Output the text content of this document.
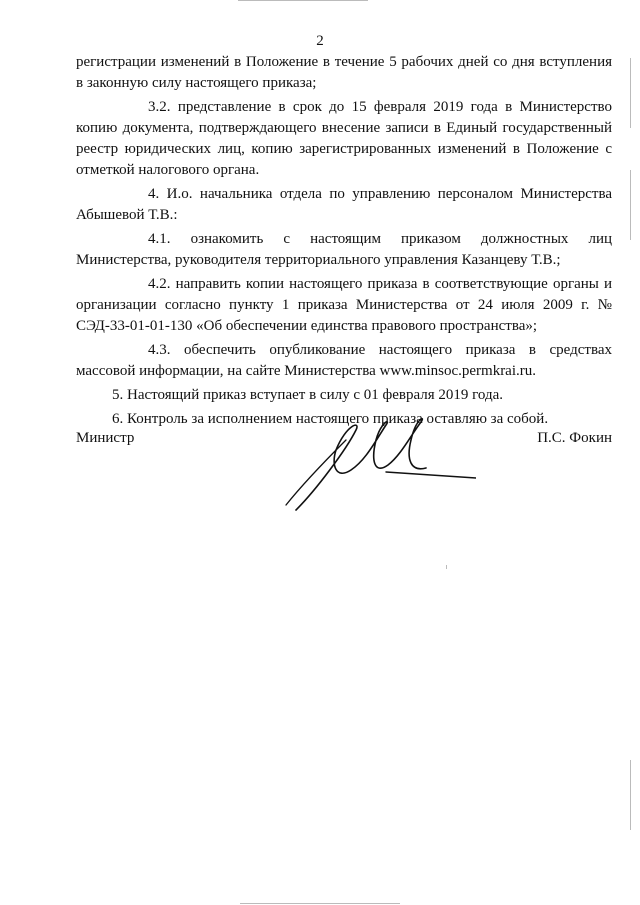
2

регистрации изменений в Положение в течение 5 рабочих дней со дня вступления в законную силу настоящего приказа;

3.2. представление в срок до 15 февраля 2019 года в Министерство копию документа, подтверждающего внесение записи в Единый государственный реестр юридических лиц, копию зарегистрированных изменений в Положение с отметкой налогового органа.

4. И.о. начальника отдела по управлению персоналом Министерства Абышевой Т.В.:

4.1. ознакомить с настоящим приказом должностных лиц Министерства, руководителя территориального управления Казанцеву Т.В.;

4.2. направить копии настоящего приказа в соответствующие органы и организации согласно пункту 1 приказа Министерства от 24 июля 2009 г. № СЭД-33-01-01-130 «Об обеспечении единства правового пространства»;

4.3. обеспечить опубликование настоящего приказа в средствах массовой информации, на сайте Министерства www.minsoc.permkrai.ru.

5. Настоящий приказ вступает в силу с 01 февраля 2019 года.

6. Контроль за исполнением настоящего приказа оставляю за собой.

Министр	П.С. Фокин
